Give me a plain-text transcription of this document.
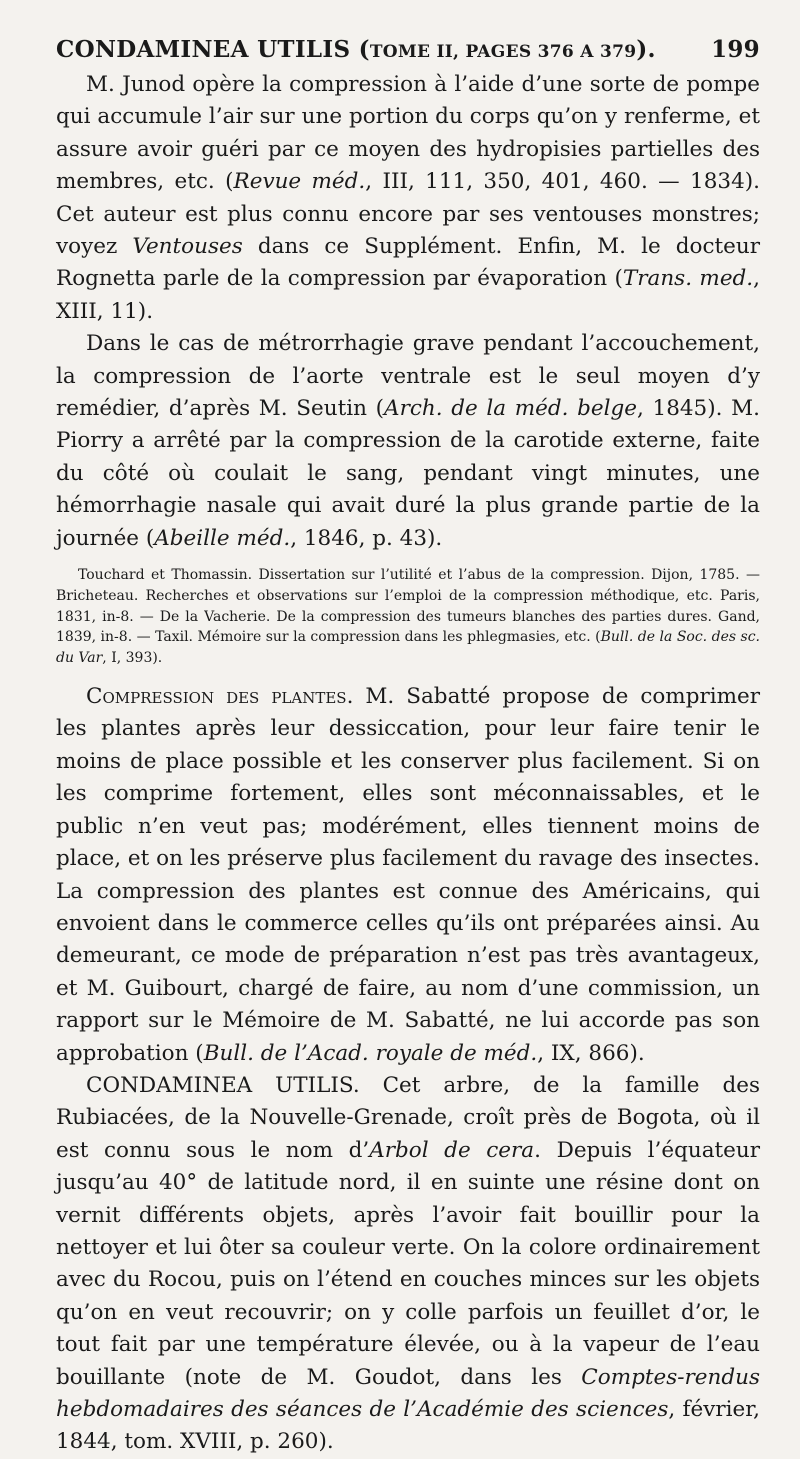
CONDAMINEA UTILIS (TOME II, PAGES 376 A 379). 199

M. Junod opère la compression à l’aide d’une sorte de pompe qui accumule l’air sur une portion du corps qu’on y renferme, et assure avoir guéri par ce moyen des hydropisies partielles des membres, etc. (Revue méd., III, 111, 350, 401, 460. — 1834). Cet auteur est plus connu encore par ses ventouses monstres; voyez Ventouses dans ce Supplément. Enfin, M. le docteur Rognetta parle de la compression par évaporation (Trans. med., XIII, 11).

Dans le cas de métrorrhagie grave pendant l’accouchement, la compression de l’aorte ventrale est le seul moyen d’y remédier, d’après M. Seutin (Arch. de la méd. belge, 1845). M. Piorry a arrêté par la compression de la carotide externe, faite du côté où coulait le sang, pendant vingt minutes, une hémorrhagie nasale qui avait duré la plus grande partie de la journée (Abeille méd., 1846, p. 43).

Touchard et Thomassin. Dissertation sur l’utilité et l’abus de la compression. Dijon, 1785. — Bricheteau. Recherches et observations sur l’emploi de la compression méthodique, etc. Paris, 1831, in-8. — De la Vacherie. De la compression des tumeurs blanches des parties dures. Gand, 1839, in-8. — Taxil. Mémoire sur la compression dans les phlegmasies, etc. (Bull. de la Soc. des sc. du Var, I, 393).

Compression des plantes. M. Sabatté propose de comprimer les plantes après leur dessiccation, pour leur faire tenir le moins de place possible et les conserver plus facilement. Si on les comprime fortement, elles sont méconnaissables, et le public n’en veut pas; modérément, elles tiennent moins de place, et on les préserve plus facilement du ravage des insectes. La compression des plantes est connue des Américains, qui envoient dans le commerce celles qu’ils ont préparées ainsi. Au demeurant, ce mode de préparation n’est pas très avantageux, et M. Guibourt, chargé de faire, au nom d’une commission, un rapport sur le Mémoire de M. Sabatté, ne lui accorde pas son approbation (Bull. de l’Acad. royale de méd., IX, 866).

CONDAMINEA UTILIS. Cet arbre, de la famille des Rubiacées, de la Nouvelle-Grenade, croît près de Bogota, où il est connu sous le nom d’Arbol de cera. Depuis l’équateur jusqu’au 40° de latitude nord, il en suinte une résine dont on vernit différents objets, après l’avoir fait bouillir pour la nettoyer et lui ôter sa couleur verte. On la colore ordinairement avec du Rocou, puis on l’étend en couches minces sur les objets qu’on en veut recouvrir; on y colle parfois un feuillet d’or, le tout fait par une température élevée, ou à la vapeur de l’eau bouillante (note de M. Goudot, dans les Comptes-rendus hebdomadaires des séances de l’Académie des sciences, février, 1844, tom. XVIII, p. 260).
